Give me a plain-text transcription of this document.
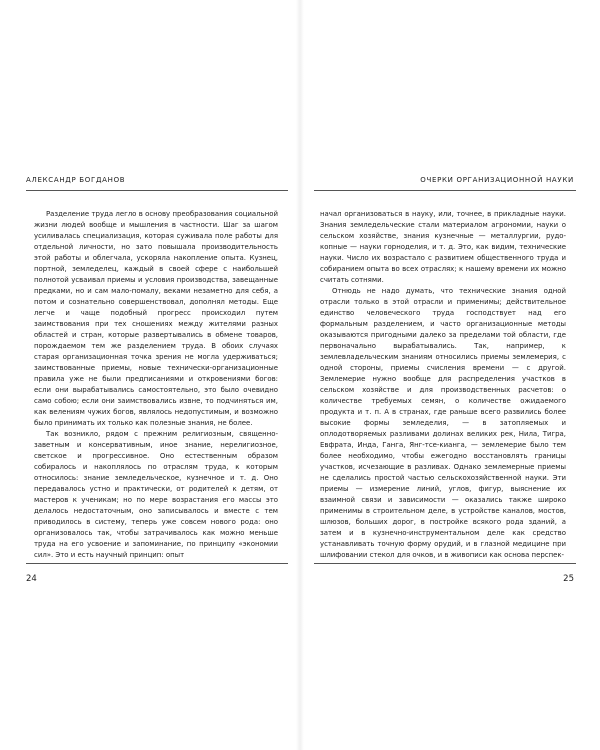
АЛЕКСАНДР БОГДАНОВ

Разделение труда легло в основу преобразования социальной жизни людей вообще и мышления в частности. Шаг за шагом усиливалась специализация, которая суживала поле работы для отдельной личности, но зато повышала производительность этой работы и облегчала, ускоряла накопление опыта. Кузнец, портной, земледелец, каждый в своей сфере с наибольшей полнотой усваивал приемы и условия производства, завещанные предками, но и сам мало-помалу, веками незаметно для себя, а потом и сознательно совершенствовал, дополнял методы. Еще легче и чаще подобный прогресс происходил путем заимствования при тех сношениях между жителями разных областей и стран, которые развертывались в обмене товаров, порождаемом тем же разделением труда. В обоих случаях старая организационная точка зрения не могла удерживаться; заимствованные приемы, новые технически-организационные правила уже не были предписаниями и откровениями богов: если они вырабатывались самостоятельно, это было очевидно само собою; если они заимствовались извне, то подчиняться им, как велениям чужих богов, являлось недопустимым, и возможно было принимать их только как полезные знания, не более.

Так возникло, рядом с прежним религиозным, священно-заветным и консервативным, иное знание, нерелигиозное, светское и прогрессивное. Оно естественным образом собиралось и накоплялось по отраслям труда, к которым относилось: знание земледельческое, кузнечное и т. д. Оно передавалось устно и практически, от родителей к детям, от мастеров к ученикам; но по мере возрастания его массы это делалось недостаточным, оно записывалось и вместе с тем приводилось в систему, теперь уже совсем нового рода: оно организовалось так, чтобы затрачивалось как можно меньше труда на его усвоение и запоминание, по принципу «экономии сил». Это и есть научный принцип: опыт

24
ОЧЕРКИ ОРГАНИЗАЦИОННОЙ НАУКИ

начал организоваться в науку, или, точнее, в прикладные науки. Знания земледельческие стали материалом агрономии, науки о сельском хозяйстве, знания кузнечные — металлургии, рудо-копные — науки горноделия, и т. д. Это, как видим, технические науки. Число их возрастало с развитием общественного труда и собиранием опыта во всех отраслях; к нашему времени их можно считать сотнями.

Отнюдь не надо думать, что технические знания одной отрасли только в этой отрасли и применимы; действительное единство человеческого труда господствует над его формальным разделением, и часто организационные методы оказываются пригодными далеко за пределами той области, где первоначально вырабатывались. Так, например, к землевладельческим знаниям относились приемы землемерия, с одной стороны, приемы счисления времени — с другой. Землемерие нужно вообще для распределения участков в сельском хозяйстве и для производственных расчетов: о количестве требуемых семян, о количестве ожидаемого продукта и т. п. А в странах, где раньше всего развились более высокие формы земледелия, — в затопляемых и оплодотворяемых разливами долинах великих рек, Нила, Тигра, Евфрата, Инда, Ганга, Янг-тсе-кианга, — землемерие было тем более необходимо, чтобы ежегодно восстановлять границы участков, исчезающие в разливах. Однако землемерные приемы не сделались простой частью сельскохозяйственной науки. Эти приемы — измерение линий, углов, фигур, выяснение их взаимной связи и зависимости — оказались также широко применимы в строительном деле, в устройстве каналов, мостов, шлюзов, больших дорог, в постройке всякого рода зданий, а затем и в кузнечно-инструментальном деле как средство устанавливать точную форму орудий, и в глазной медицине при шлифовании стекол для очков, и в живописи как основа перспек-

25
